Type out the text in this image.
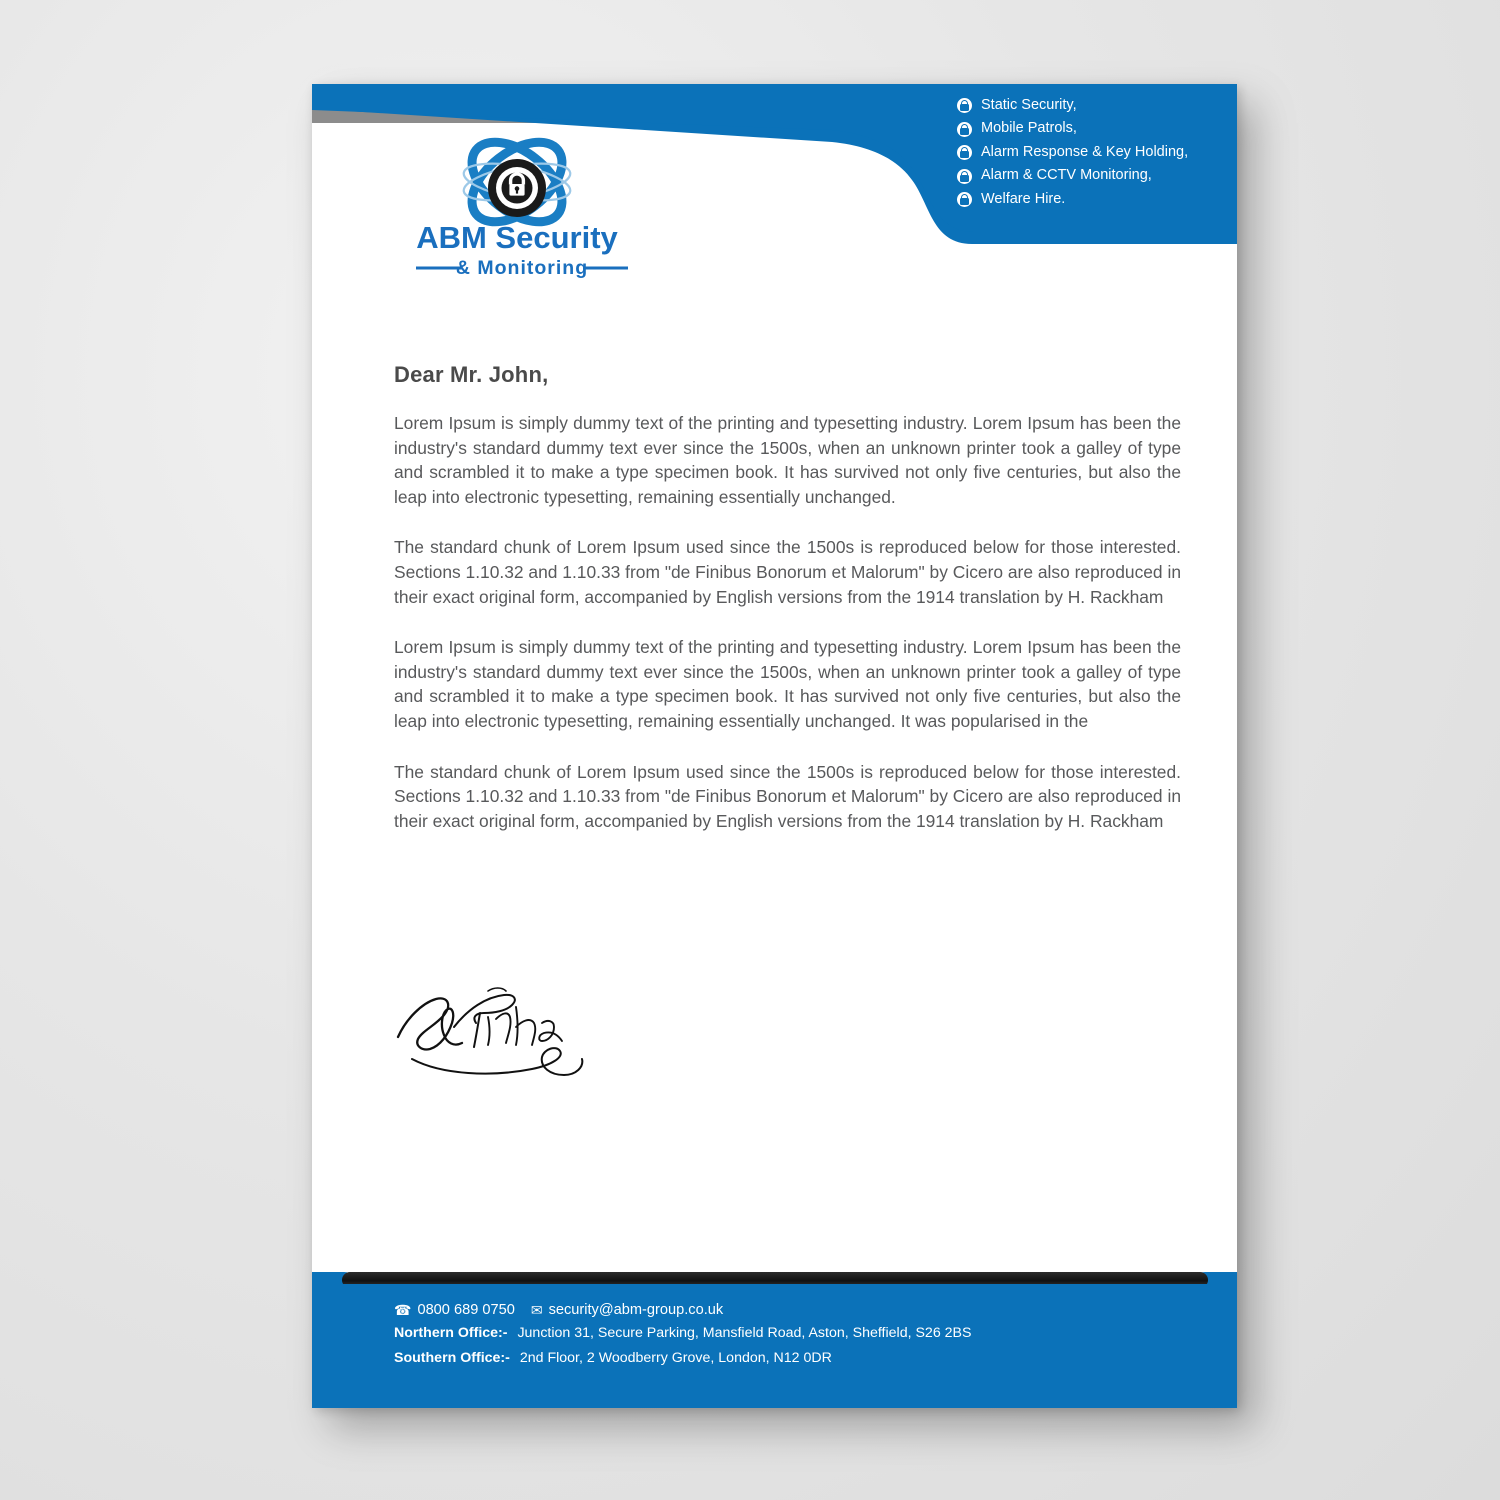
Static Security,
Mobile Patrols,
Alarm Response & Key Holding,
Alarm & CCTV Monitoring,
Welfare Hire.
ABM Security
& Monitoring
Dear Mr. John,

Lorem Ipsum is simply dummy text of the printing and typesetting industry. Lorem Ipsum has been the industry's standard dummy text ever since the 1500s, when an unknown printer took a galley of type and scrambled it to make a type specimen book. It has survived not only five centuries, but also the leap into electronic typesetting, remaining essentially unchanged.

The standard chunk of Lorem Ipsum used since the 1500s is reproduced below for those interested. Sections 1.10.32 and 1.10.33 from "de Finibus Bonorum et Malorum" by Cicero are also reproduced in their exact original form, accompanied by English versions from the 1914 translation by H. Rackham

Lorem Ipsum is simply dummy text of the printing and typesetting industry. Lorem Ipsum has been the industry's standard dummy text ever since the 1500s, when an unknown printer took a galley of type and scrambled it to make a type specimen book. It has survived not only five centuries, but also the leap into electronic typesetting, remaining essentially unchanged. It was popularised in the

The standard chunk of Lorem Ipsum used since the 1500s is reproduced below for those interested. Sections 1.10.32 and 1.10.33 from "de Finibus Bonorum et Malorum" by Cicero are also reproduced in their exact original form, accompanied by English versions from the 1914 translation by H. Rackham

☎ 0800 689 0750 ✉ security@abm-group.co.uk
Northern Office:- Junction 31, Secure Parking, Mansfield Road, Aston, Sheffield, S26 2BS
Southern Office:- 2nd Floor, 2 Woodberry Grove, London, N12 0DR
